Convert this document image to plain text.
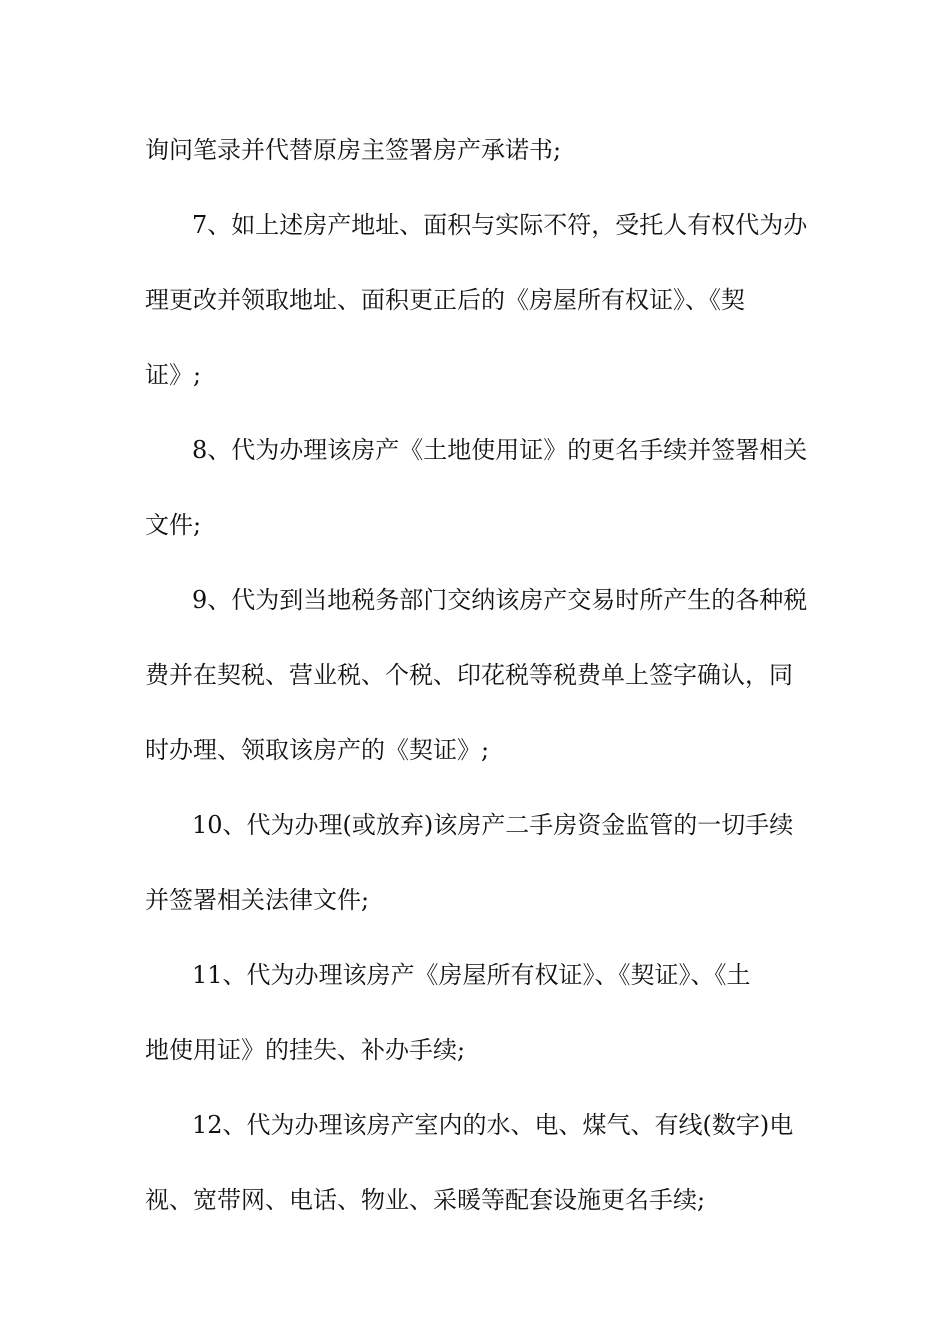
询问笔录并代替原房主签署房产承诺书;
7、如上述房产地址、面积与实际不符，受托人有权代为办
理更改并领取地址、面积更正后的《房屋所有权证》、《契
证》;
8、代为办理该房产《土地使用证》的更名手续并签署相关
文件;
9、代为到当地税务部门交纳该房产交易时所产生的各种税
费并在契税、营业税、个税、印花税等税费单上签字确认，同
时办理、领取该房产的《契证》;
10、代为办理(或放弃)该房产二手房资金监管的一切手续
并签署相关法律文件;
11、代为办理该房产《房屋所有权证》、《契证》、《土
地使用证》的挂失、补办手续;
12、代为办理该房产室内的水、电、煤气、有线(数字)电
视、宽带网、电话、物业、采暖等配套设施更名手续;
